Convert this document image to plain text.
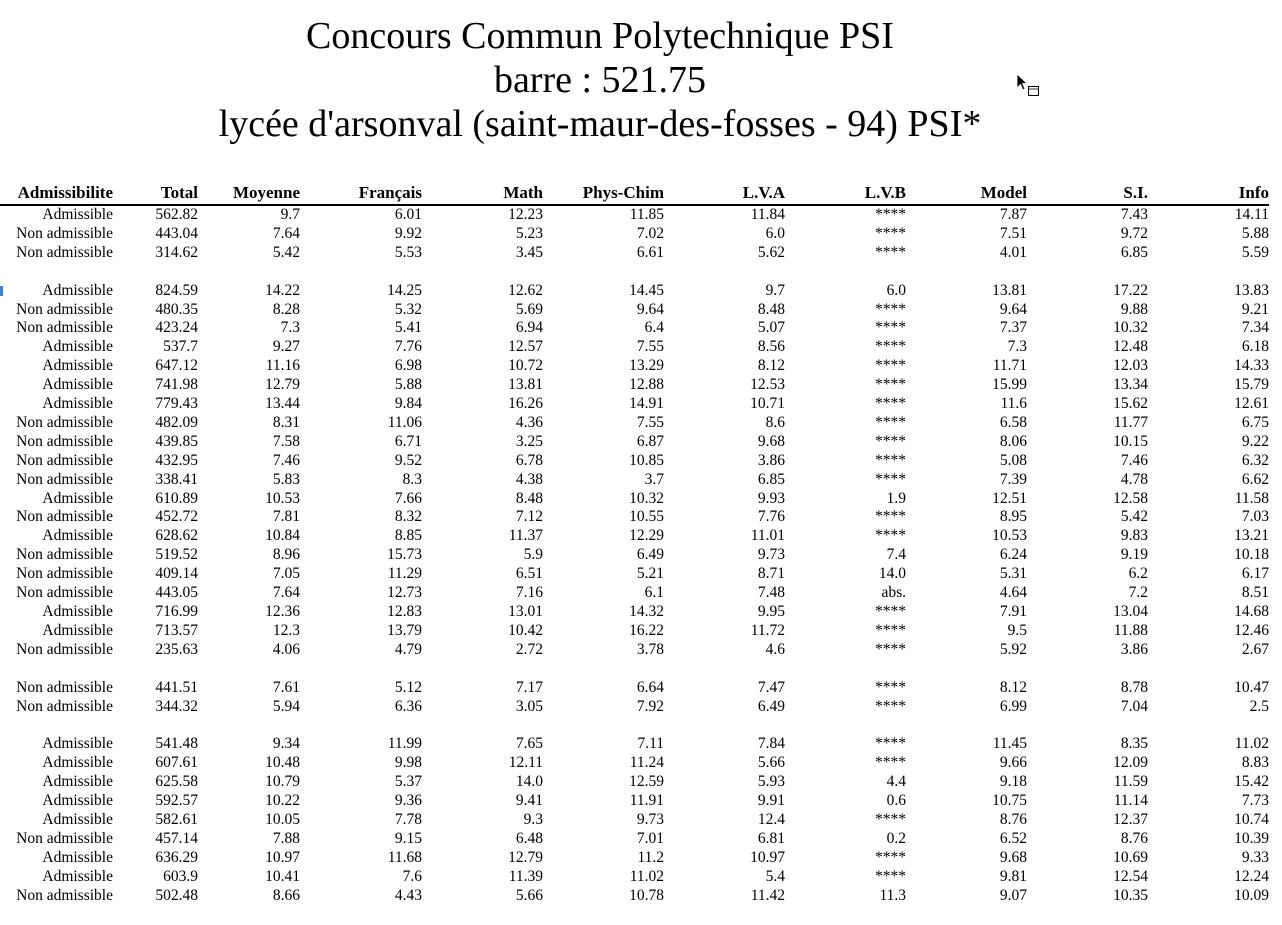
Concours Commun Polytechnique PSI
barre : 521.75
lycée d'arsonval (saint-maur-des-fosses - 94) PSI*
Admissibilite	Total	Moyenne	Français	Math	Phys-Chim	L.V.A	L.V.B	Model	S.I.	Info
Admissible	562.82	9.7	6.01	12.23	11.85	11.84	****	7.87	7.43	14.11
Non admissible	443.04	7.64	9.92	5.23	7.02	6.0	****	7.51	9.72	5.88
Non admissible	314.62	5.42	5.53	3.45	6.61	5.62	****	4.01	6.85	5.59

Admissible	824.59	14.22	14.25	12.62	14.45	9.7	6.0	13.81	17.22	13.83
Non admissible	480.35	8.28	5.32	5.69	9.64	8.48	****	9.64	9.88	9.21
Non admissible	423.24	7.3	5.41	6.94	6.4	5.07	****	7.37	10.32	7.34
Admissible	537.7	9.27	7.76	12.57	7.55	8.56	****	7.3	12.48	6.18
Admissible	647.12	11.16	6.98	10.72	13.29	8.12	****	11.71	12.03	14.33
Admissible	741.98	12.79	5.88	13.81	12.88	12.53	****	15.99	13.34	15.79
Admissible	779.43	13.44	9.84	16.26	14.91	10.71	****	11.6	15.62	12.61
Non admissible	482.09	8.31	11.06	4.36	7.55	8.6	****	6.58	11.77	6.75
Non admissible	439.85	7.58	6.71	3.25	6.87	9.68	****	8.06	10.15	9.22
Non admissible	432.95	7.46	9.52	6.78	10.85	3.86	****	5.08	7.46	6.32
Non admissible	338.41	5.83	8.3	4.38	3.7	6.85	****	7.39	4.78	6.62
Admissible	610.89	10.53	7.66	8.48	10.32	9.93	1.9	12.51	12.58	11.58
Non admissible	452.72	7.81	8.32	7.12	10.55	7.76	****	8.95	5.42	7.03
Admissible	628.62	10.84	8.85	11.37	12.29	11.01	****	10.53	9.83	13.21
Non admissible	519.52	8.96	15.73	5.9	6.49	9.73	7.4	6.24	9.19	10.18
Non admissible	409.14	7.05	11.29	6.51	5.21	8.71	14.0	5.31	6.2	6.17
Non admissible	443.05	7.64	12.73	7.16	6.1	7.48	abs.	4.64	7.2	8.51
Admissible	716.99	12.36	12.83	13.01	14.32	9.95	****	7.91	13.04	14.68
Admissible	713.57	12.3	13.79	10.42	16.22	11.72	****	9.5	11.88	12.46
Non admissible	235.63	4.06	4.79	2.72	3.78	4.6	****	5.92	3.86	2.67

Non admissible	441.51	7.61	5.12	7.17	6.64	7.47	****	8.12	8.78	10.47
Non admissible	344.32	5.94	6.36	3.05	7.92	6.49	****	6.99	7.04	2.5

Admissible	541.48	9.34	11.99	7.65	7.11	7.84	****	11.45	8.35	11.02
Admissible	607.61	10.48	9.98	12.11	11.24	5.66	****	9.66	12.09	8.83
Admissible	625.58	10.79	5.37	14.0	12.59	5.93	4.4	9.18	11.59	15.42
Admissible	592.57	10.22	9.36	9.41	11.91	9.91	0.6	10.75	11.14	7.73
Admissible	582.61	10.05	7.78	9.3	9.73	12.4	****	8.76	12.37	10.74
Non admissible	457.14	7.88	9.15	6.48	7.01	6.81	0.2	6.52	8.76	10.39
Admissible	636.29	10.97	11.68	12.79	11.2	10.97	****	9.68	10.69	9.33
Admissible	603.9	10.41	7.6	11.39	11.02	5.4	****	9.81	12.54	12.24
Non admissible	502.48	8.66	4.43	5.66	10.78	11.42	11.3	9.07	10.35	10.09
